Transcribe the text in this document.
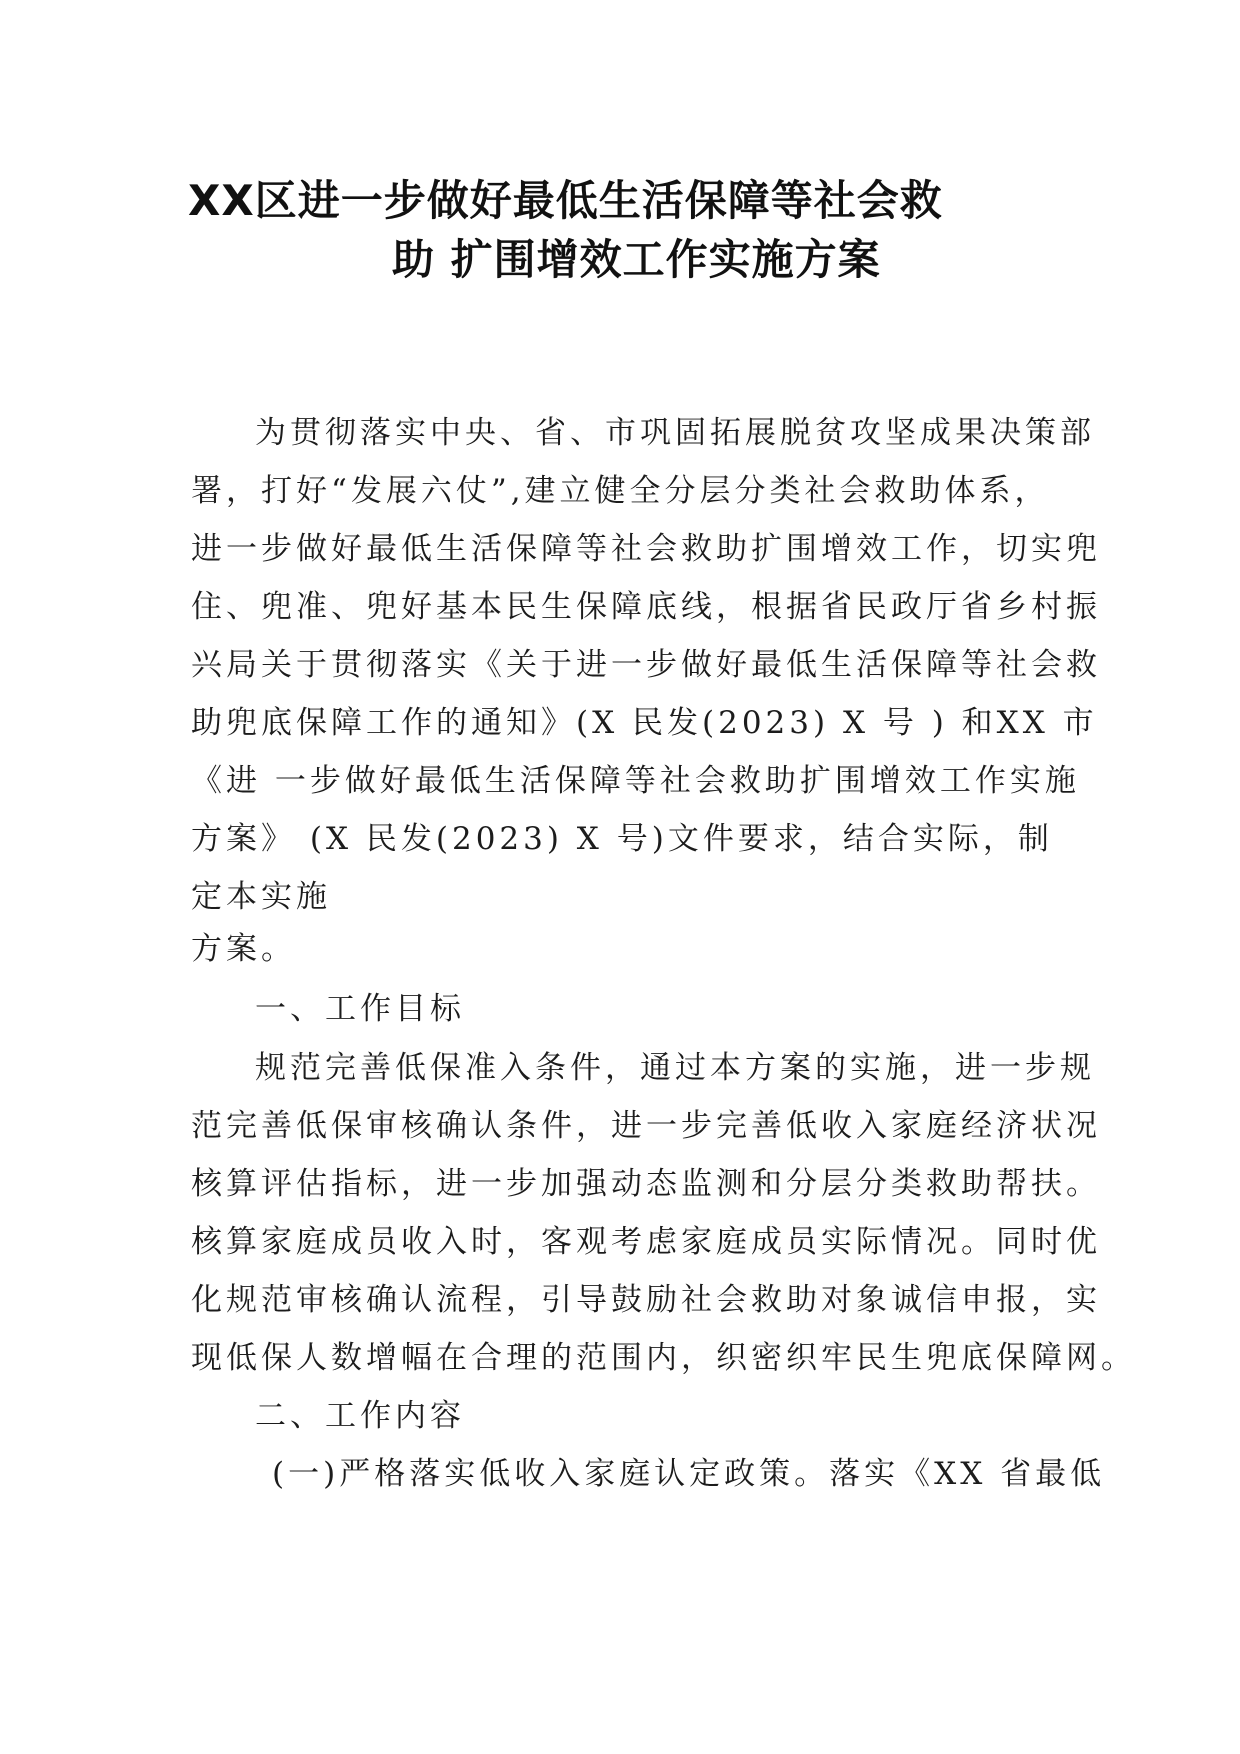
XX区进一步做好最低生活保障等社会救
助 扩围增效工作实施方案
为贯彻落实中央、省、市巩固拓展脱贫攻坚成果决策部
署，打好“发展六仗”,建立健全分层分类社会救助体系，
进一步做好最低生活保障等社会救助扩围增效工作，切实兜
住、兜准、兜好基本民生保障底线，根据省民政厅省乡村振
兴局关于贯彻落实《关于进一步做好最低生活保障等社会救
助兜底保障工作的通知》(X 民发(2023) X 号 ) 和XX 市
《进 一步做好最低生活保障等社会救助扩围增效工作实施
方案》 (X 民发(2023) X 号)文件要求，结合实际，制
定本实施
方案。
一、工作目标
规范完善低保准入条件，通过本方案的实施，进一步规
范完善低保审核确认条件，进一步完善低收入家庭经济状况
核算评估指标，进一步加强动态监测和分层分类救助帮扶。
核算家庭成员收入时，客观考虑家庭成员实际情况。同时优
化规范审核确认流程，引导鼓励社会救助对象诚信申报，实
现低保人数增幅在合理的范围内，织密织牢民生兜底保障网。
二、工作内容
(一)严格落实低收入家庭认定政策。落实《XX 省最低
